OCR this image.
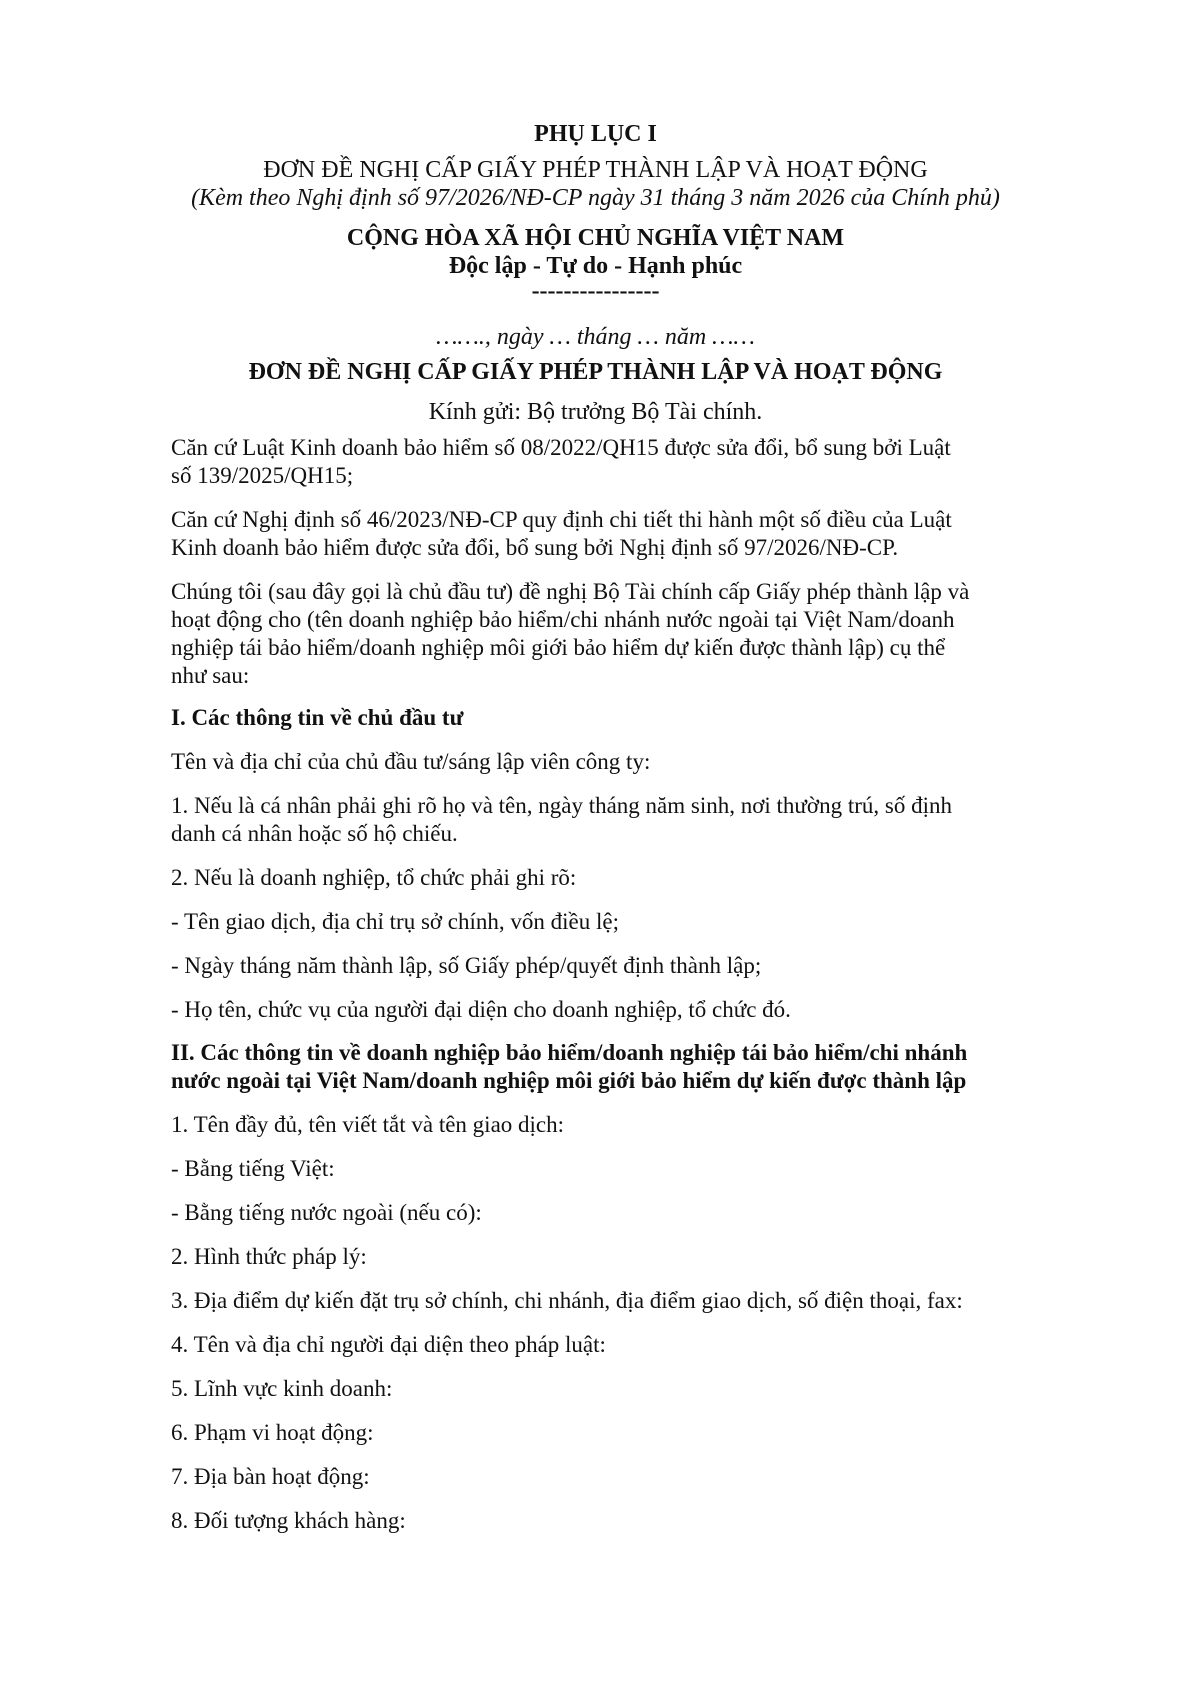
PHỤ LỤC I
ĐƠN ĐỀ NGHỊ CẤP GIẤY PHÉP THÀNH LẬP VÀ HOẠT ĐỘNG
(Kèm theo Nghị định số 97/2026/NĐ-CP ngày 31 tháng 3 năm 2026 của Chính phủ)
CỘNG HÒA XÃ HỘI CHỦ NGHĨA VIỆT NAM
Độc lập - Tự do - Hạnh phúc
----------------
……., ngày … tháng … năm ……
ĐƠN ĐỀ NGHỊ CẤP GIẤY PHÉP THÀNH LẬP VÀ HOẠT ĐỘNG
Kính gửi: Bộ trưởng Bộ Tài chính.
Căn cứ Luật Kinh doanh bảo hiểm số 08/2022/QH15 được sửa đổi, bổ sung bởi Luật
số 139/2025/QH15;
Căn cứ Nghị định số 46/2023/NĐ-CP quy định chi tiết thi hành một số điều của Luật
Kinh doanh bảo hiểm được sửa đổi, bổ sung bởi Nghị định số 97/2026/NĐ-CP.
Chúng tôi (sau đây gọi là chủ đầu tư) đề nghị Bộ Tài chính cấp Giấy phép thành lập và
hoạt động cho (tên doanh nghiệp bảo hiểm/chi nhánh nước ngoài tại Việt Nam/doanh
nghiệp tái bảo hiểm/doanh nghiệp môi giới bảo hiểm dự kiến được thành lập) cụ thể
như sau:
I. Các thông tin về chủ đầu tư
Tên và địa chỉ của chủ đầu tư/sáng lập viên công ty:
1. Nếu là cá nhân phải ghi rõ họ và tên, ngày tháng năm sinh, nơi thường trú, số định
danh cá nhân hoặc số hộ chiếu.
2. Nếu là doanh nghiệp, tổ chức phải ghi rõ:
- Tên giao dịch, địa chỉ trụ sở chính, vốn điều lệ;
- Ngày tháng năm thành lập, số Giấy phép/quyết định thành lập;
- Họ tên, chức vụ của người đại diện cho doanh nghiệp, tổ chức đó.
II. Các thông tin về doanh nghiệp bảo hiểm/doanh nghiệp tái bảo hiểm/chi nhánh
nước ngoài tại Việt Nam/doanh nghiệp môi giới bảo hiểm dự kiến được thành lập
1. Tên đầy đủ, tên viết tắt và tên giao dịch:
- Bằng tiếng Việt:
- Bằng tiếng nước ngoài (nếu có):
2. Hình thức pháp lý:
3. Địa điểm dự kiến đặt trụ sở chính, chi nhánh, địa điểm giao dịch, số điện thoại, fax:
4. Tên và địa chỉ người đại diện theo pháp luật:
5. Lĩnh vực kinh doanh:
6. Phạm vi hoạt động:
7. Địa bàn hoạt động:
8. Đối tượng khách hàng:
